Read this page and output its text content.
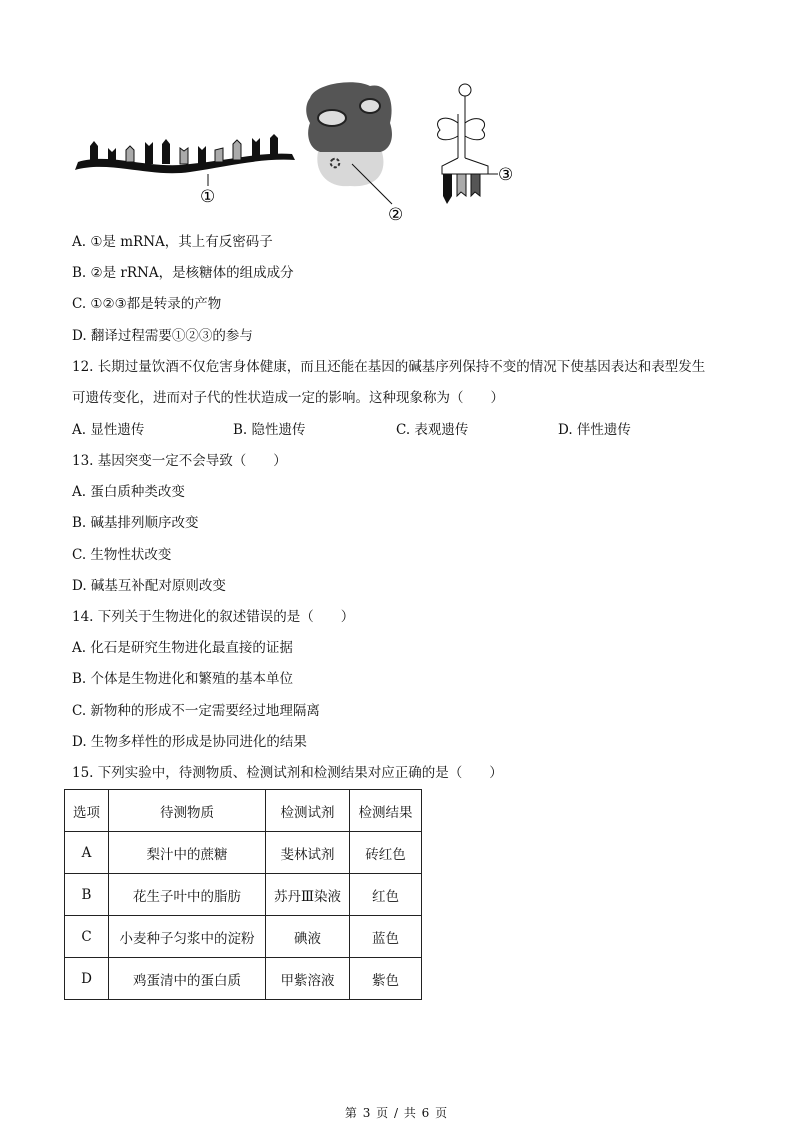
①
②
③
A. ①是 mRNA，其上有反密码子
B. ②是 rRNA，是核糖体的组成成分
C. ①②③都是转录的产物
D. 翻译过程需要①②③的参与
12. 长期过量饮酒不仅危害身体健康，而且还能在基因的碱基序列保持不变的情况下使基因表达和表型发生
可遗传变化，进而对子代的性状造成一定的影响。这种现象称为（　　）
A. 显性遗传	B. 隐性遗传	C. 表观遗传	D. 伴性遗传
13. 基因突变一定不会导致（　　）
A. 蛋白质种类改变
B. 碱基排列顺序改变
C. 生物性状改变
D. 碱基互补配对原则改变
14. 下列关于生物进化的叙述错误的是（　　）
A. 化石是研究生物进化最直接的证据
B. 个体是生物进化和繁殖的基本单位
C. 新物种的形成不一定需要经过地理隔离
D. 生物多样性的形成是协同进化的结果
15. 下列实验中，待测物质、检测试剂和检测结果对应正确的是（　　）
选项	待测物质	检测试剂	检测结果
A	梨汁中的蔗糖	斐林试剂	砖红色
B	花生子叶中的脂肪	苏丹Ⅲ染液	红色
C	小麦种子匀浆中的淀粉	碘液	蓝色
D	鸡蛋清中的蛋白质	甲紫溶液	紫色
第 3 页 / 共 6 页
